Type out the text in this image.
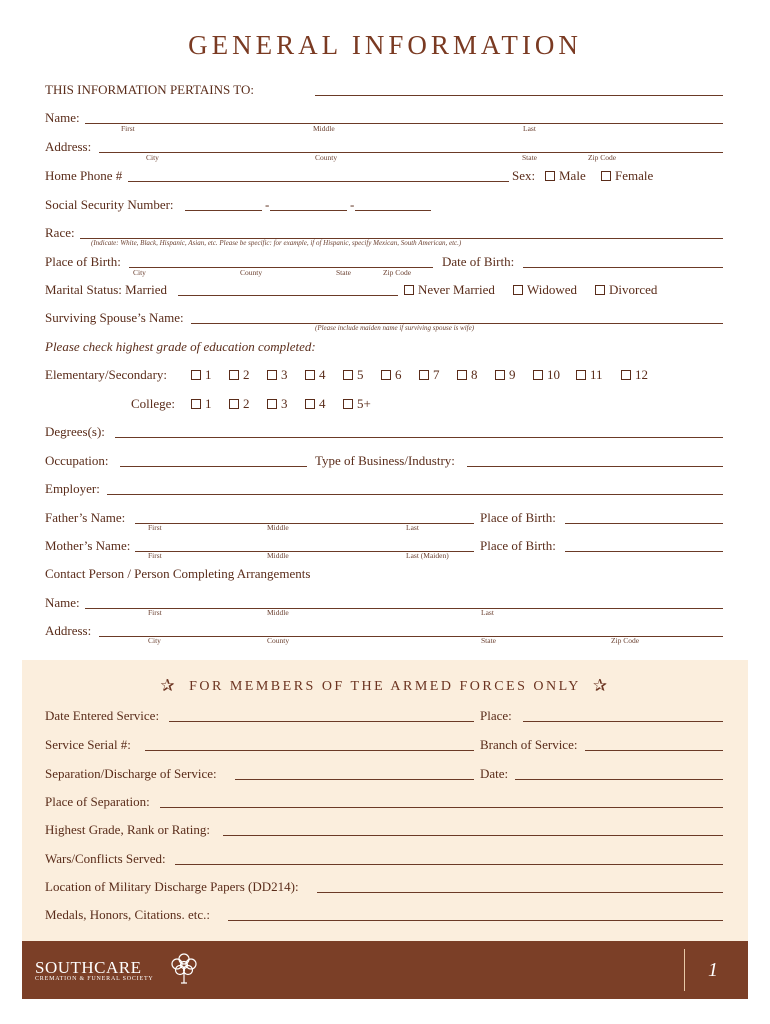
GENERAL INFORMATION
THIS INFORMATION PERTAINS TO:
Name:
First	Middle	Last
Address:
City	County	State	Zip Code
Home Phone #	Sex:	Male	Female
Social Security Number:	-	-
Race:
(Indicate: White, Black, Hispanic, Asian, etc. Please be specific: for example, if of Hispanic, specify Mexican, South American, etc.)
Place of Birth:
City	County	State	Zip Code
Date of Birth:
Marital Status: Married	Never Married	Widowed	Divorced
Surviving Spouse’s Name:
(Please include maiden name if surviving spouse is wife)
Please check highest grade of education completed:
Elementary/Secondary:	1	2	3	4	5	6	7	8	9	10	11	12
College:	1	2	3	4	5+
Degrees(s):
Occupation:	Type of Business/Industry:
Employer:
Father’s Name:
First	Middle	Last
Place of Birth:
Mother’s Name:
First	Middle	Last (Maiden)
Place of Birth:
Contact Person / Person Completing Arrangements
Name:
First	Middle	Last
Address:
City	County	State	Zip Code
✰ FOR MEMBERS OF THE ARMED FORCES ONLY ✰
Date Entered Service:	Place:
Service Serial #:	Branch of Service:
Separation/Discharge of Service:	Date:
Place of Separation:
Highest Grade, Rank or Rating:
Wars/Conflicts Served:
Location of Military Discharge Papers (DD214):
Medals, Honors, Citations. etc.:
SOUTHCARE
CREMATION & FUNERAL SOCIETY	1
